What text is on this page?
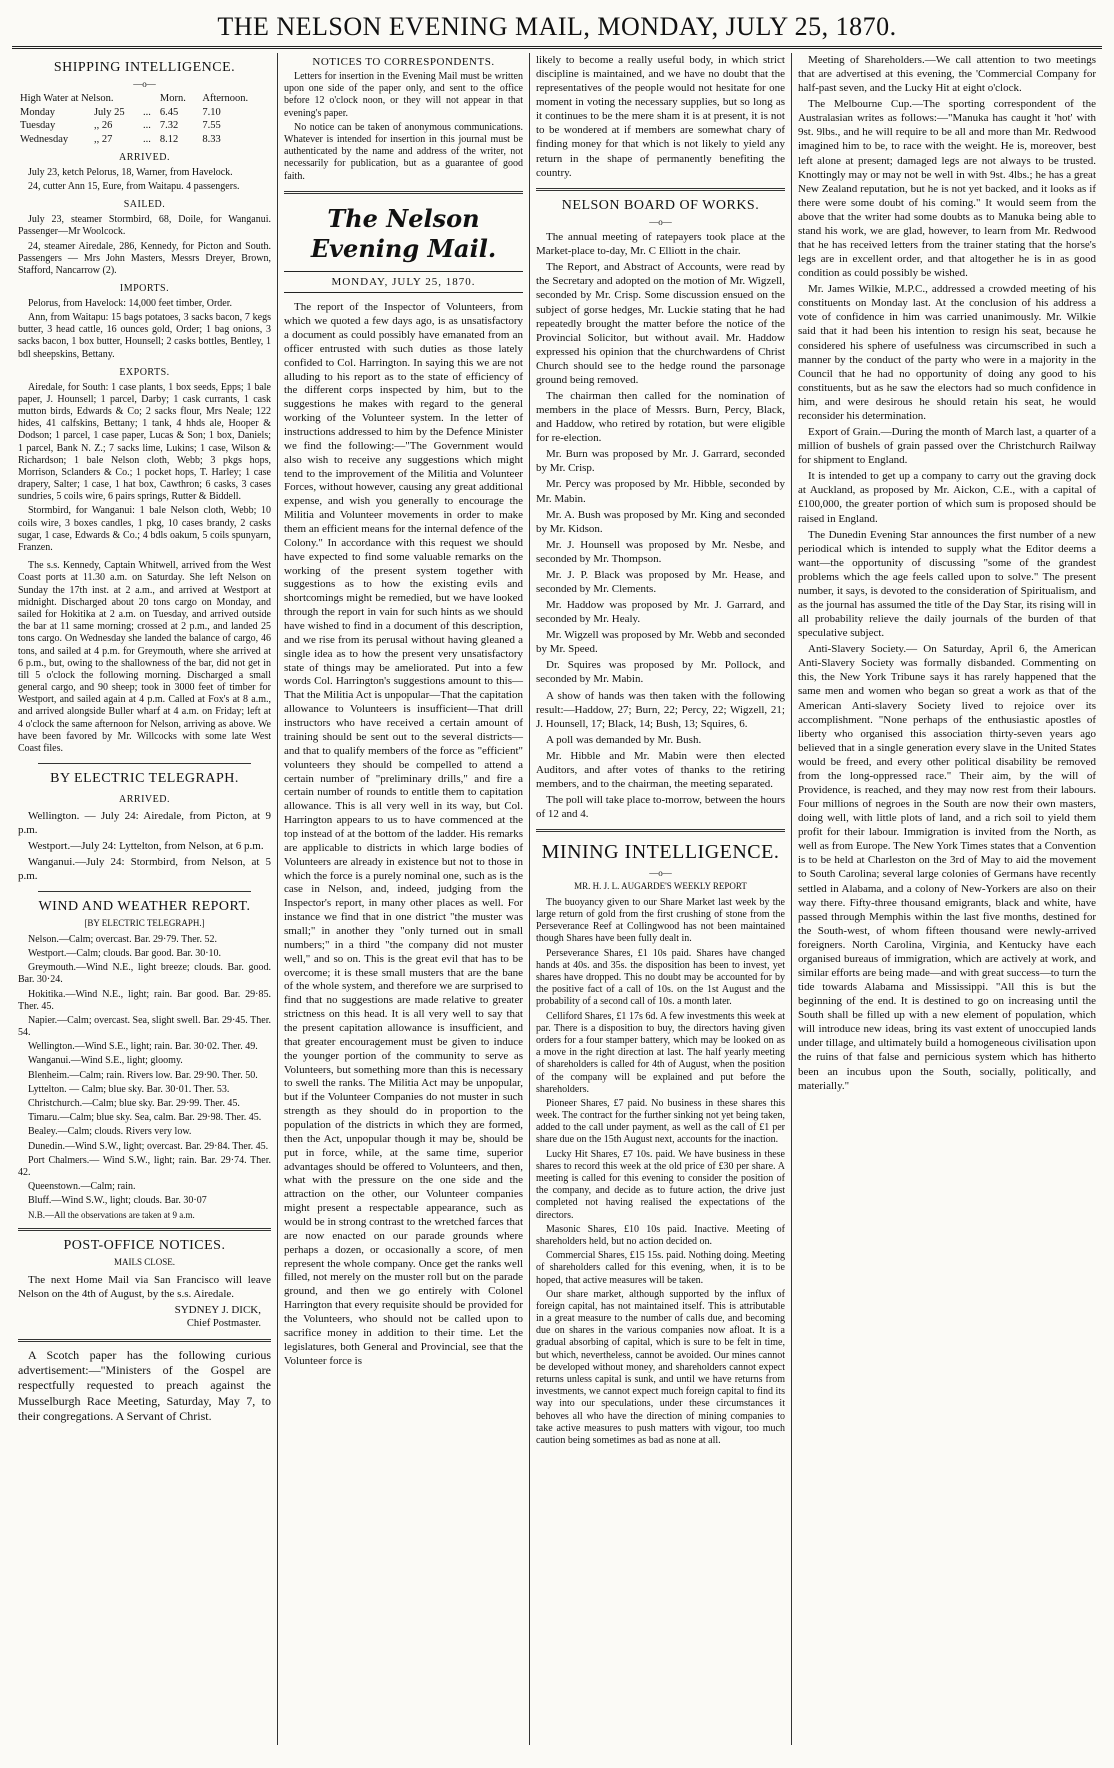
THE NELSON EVENING MAIL, MONDAY, JULY 25, 1870.
SHIPPING INTELLIGENCE.
—o—
High Water at Nelson.			Morn.	Afternoon.
Monday	July 25	...	6.45	7.10
Tuesday	,, 26	...	7.32	7.55
Wednesday	,, 27	...	8.12	8.33
ARRIVED.

July 23, ketch Pelorus, 18, Warner, from Havelock.

24, cutter Ann 15, Eure, from Waitapu. 4 passengers.

SAILED.

July 23, steamer Stormbird, 68, Doile, for Wanganui. Passenger—Mr Woolcock.

24, steamer Airedale, 286, Kennedy, for Picton and South. Passengers — Mrs John Masters, Messrs Dreyer, Brown, Stafford, Nancarrow (2).

IMPORTS.

Pelorus, from Havelock: 14,000 feet timber, Order.

Ann, from Waitapu: 15 bags potatoes, 3 sacks bacon, 7 kegs butter, 3 head cattle, 16 ounces gold, Order; 1 bag onions, 3 sacks bacon, 1 box butter, Hounsell; 2 casks bottles, Bentley, 1 bdl sheepskins, Bettany.

EXPORTS.

Airedale, for South: 1 case plants, 1 box seeds, Epps; 1 bale paper, J. Hounsell; 1 parcel, Darby; 1 cask currants, 1 cask mutton birds, Edwards & Co; 2 sacks flour, Mrs Neale; 122 hides, 41 calfskins, Bettany; 1 tank, 4 hhds ale, Hooper & Dodson; 1 parcel, 1 case paper, Lucas & Son; 1 box, Daniels; 1 parcel, Bank N. Z.; 7 sacks lime, Lukins; 1 case, Wilson & Richardson; 1 bale Nelson cloth, Webb; 3 pkgs hops, Morrison, Sclanders & Co.; 1 pocket hops, T. Harley; 1 case drapery, Salter; 1 case, 1 hat box, Cawthron; 6 casks, 3 cases sundries, 5 coils wire, 6 pairs springs, Rutter & Biddell.

Stormbird, for Wanganui: 1 bale Nelson cloth, Webb; 10 coils wire, 3 boxes candles, 1 pkg, 10 cases brandy, 2 casks sugar, 1 case, Edwards & Co.; 4 bdls oakum, 5 coils spunyarn, Franzen.

The s.s. Kennedy, Captain Whitwell, arrived from the West Coast ports at 11.30 a.m. on Saturday. She left Nelson on Sunday the 17th inst. at 2 a.m., and arrived at Westport at midnight. Discharged about 20 tons cargo on Monday, and sailed for Hokitika at 2 a.m. on Tuesday, and arrived outside the bar at 11 same morning; crossed at 2 p.m., and landed 25 tons cargo. On Wednesday she landed the balance of cargo, 46 tons, and sailed at 4 p.m. for Greymouth, where she arrived at 6 p.m., but, owing to the shallowness of the bar, did not get in till 5 o'clock the following morning. Discharged a small general cargo, and 90 sheep; took in 3000 feet of timber for Westport, and sailed again at 4 p.m. Called at Fox's at 8 a.m., and arrived alongside Buller wharf at 4 a.m. on Friday; left at 4 o'clock the same afternoon for Nelson, arriving as above. We have been favored by Mr. Willcocks with some late West Coast files.

BY ELECTRIC TELEGRAPH.
ARRIVED.

Wellington. — July 24: Airedale, from Picton, at 9 p.m.

Westport.—July 24: Lyttelton, from Nelson, at 6 p.m.

Wanganui.—July 24: Stormbird, from Nelson, at 5 p.m.

WIND AND WEATHER REPORT.
[BY ELECTRIC TELEGRAPH.]

Nelson.—Calm; overcast. Bar. 29·79. Ther. 52.

Westport.—Calm; clouds. Bar good. Bar. 30·10.

Greymouth.—Wind N.E., light breeze; clouds. Bar. good. Bar. 30·24.

Hokitika.—Wind N.E., light; rain. Bar good. Bar. 29·85. Ther. 45.

Napier.—Calm; overcast. Sea, slight swell. Bar. 29·45. Ther. 54.

Wellington.—Wind S.E., light; rain. Bar. 30·02. Ther. 49.

Wanganui.—Wind S.E., light; gloomy.

Blenheim.—Calm; rain. Rivers low. Bar. 29·90. Ther. 50.

Lyttelton. — Calm; blue sky. Bar. 30·01. Ther. 53.

Christchurch.—Calm; blue sky. Bar. 29·99. Ther. 45.

Timaru.—Calm; blue sky. Sea, calm. Bar. 29·98. Ther. 45.

Bealey.—Calm; clouds. Rivers very low.

Dunedin.—Wind S.W., light; overcast. Bar. 29·84. Ther. 45.

Port Chalmers.— Wind S.W., light; rain. Bar. 29·74. Ther. 42.

Queenstown.—Calm; rain.

Bluff.—Wind S.W., light; clouds. Bar. 30·07

N.B.—All the observations are taken at 9 a.m.

POST-OFFICE NOTICES.
MAILS CLOSE.

The next Home Mail via San Francisco will leave Nelson on the 4th of August, by the s.s. Airedale.

SYDNEY J. DICK,
Chief Postmaster.

A Scotch paper has the following curious advertisement:—"Ministers of the Gospel are respectfully requested to preach against the Musselburgh Race Meeting, Saturday, May 7, to their congregations. A Servant of Christ.

NOTICES TO CORRESPONDENTS.

Letters for insertion in the Evening Mail must be written upon one side of the paper only, and sent to the office before 12 o'clock noon, or they will not appear in that evening's paper.

No notice can be taken of anonymous communications. Whatever is intended for insertion in this journal must be authenticated by the name and address of the writer, not necessarily for publication, but as a guarantee of good faith.

The Nelson Evening Mail.
MONDAY, JULY 25, 1870.

The report of the Inspector of Volunteers, from which we quoted a few days ago, is as unsatisfactory a document as could possibly have emanated from an officer entrusted with such duties as those lately confided to Col. Harrington. In saying this we are not alluding to his report as to the state of efficiency of the different corps inspected by him, but to the suggestions he makes with regard to the general working of the Volunteer system. In the letter of instructions addressed to him by the Defence Minister we find the following:—"The Government would also wish to receive any suggestions which might tend to the improvement of the Militia and Volunteer Forces, without however, causing any great additional expense, and wish you generally to encourage the Militia and Volunteer movements in order to make them an efficient means for the internal defence of the Colony." In accordance with this request we should have expected to find some valuable remarks on the working of the present system together with suggestions as to how the existing evils and shortcomings might be remedied, but we have looked through the report in vain for such hints as we should have wished to find in a document of this description, and we rise from its perusal without having gleaned a single idea as to how the present very unsatisfactory state of things may be ameliorated. Put into a few words Col. Harrington's suggestions amount to this—That the Militia Act is unpopular—That the capitation allowance to Volunteers is insufficient—That drill instructors who have received a certain amount of training should be sent out to the several districts—and that to qualify members of the force as "efficient" volunteers they should be compelled to attend a certain number of "preliminary drills," and fire a certain number of rounds to entitle them to capitation allowance. This is all very well in its way, but Col. Harrington appears to us to have commenced at the top instead of at the bottom of the ladder. His remarks are applicable to districts in which large bodies of Volunteers are already in existence but not to those in which the force is a purely nominal one, such as is the case in Nelson, and, indeed, judging from the Inspector's report, in many other places as well. For instance we find that in one district "the muster was small;" in another they "only turned out in small numbers;" in a third "the company did not muster well," and so on. This is the great evil that has to be overcome; it is these small musters that are the bane of the whole system, and therefore we are surprised to find that no suggestions are made relative to greater strictness on this head. It is all very well to say that the present capitation allowance is insufficient, and that greater encouragement must be given to induce the younger portion of the community to serve as Volunteers, but something more than this is necessary to swell the ranks. The Militia Act may be unpopular, but if the Volunteer Companies do not muster in such strength as they should do in proportion to the population of the districts in which they are formed, then the Act, unpopular though it may be, should be put in force, while, at the same time, superior advantages should be offered to Volunteers, and then, what with the pressure on the one side and the attraction on the other, our Volunteer companies might present a respectable appearance, such as would be in strong contrast to the wretched farces that are now enacted on our parade grounds where perhaps a dozen, or occasionally a score, of men represent the whole company. Once get the ranks well filled, not merely on the muster roll but on the parade ground, and then we go entirely with Colonel Harrington that every requisite should be provided for the Volunteers, who should not be called upon to sacrifice money in addition to their time. Let the legislatures, both General and Provincial, see that the Volunteer force is

likely to become a really useful body, in which strict discipline is maintained, and we have no doubt that the representatives of the people would not hesitate for one moment in voting the necessary supplies, but so long as it continues to be the mere sham it is at present, it is not to be wondered at if members are somewhat chary of finding money for that which is not likely to yield any return in the shape of permanently benefiting the country.

NELSON BOARD OF WORKS.
—o—

The annual meeting of ratepayers took place at the Market-place to-day, Mr. C Elliott in the chair.

The Report, and Abstract of Accounts, were read by the Secretary and adopted on the motion of Mr. Wigzell, seconded by Mr. Crisp. Some discussion ensued on the subject of gorse hedges, Mr. Luckie stating that he had repeatedly brought the matter before the notice of the Provincial Solicitor, but without avail. Mr. Haddow expressed his opinion that the churchwardens of Christ Church should see to the hedge round the parsonage ground being removed.

The chairman then called for the nomination of members in the place of Messrs. Burn, Percy, Black, and Haddow, who retired by rotation, but were eligible for re-election.

Mr. Burn was proposed by Mr. J. Garrard, seconded by Mr. Crisp.

Mr. Percy was proposed by Mr. Hibble, seconded by Mr. Mabin.

Mr. A. Bush was proposed by Mr. King and seconded by Mr. Kidson.

Mr. J. Hounsell was proposed by Mr. Nesbe, and seconded by Mr. Thompson.

Mr. J. P. Black was proposed by Mr. Hease, and seconded by Mr. Clements.

Mr. Haddow was proposed by Mr. J. Garrard, and seconded by Mr. Healy.

Mr. Wigzell was proposed by Mr. Webb and seconded by Mr. Speed.

Dr. Squires was proposed by Mr. Pollock, and seconded by Mr. Mabin.

A show of hands was then taken with the following result:—Haddow, 27; Burn, 22; Percy, 22; Wigzell, 21; J. Hounsell, 17; Black, 14; Bush, 13; Squires, 6.

A poll was demanded by Mr. Bush.

Mr. Hibble and Mr. Mabin were then elected Auditors, and after votes of thanks to the retiring members, and to the chairman, the meeting separated.

The poll will take place to-morrow, between the hours of 12 and 4.

MINING INTELLIGENCE.
—o—
MR. H. J. L. AUGARDE'S WEEKLY REPORT

The buoyancy given to our Share Market last week by the large return of gold from the first crushing of stone from the Perseverance Reef at Collingwood has not been maintained though Shares have been fully dealt in.

Perseverance Shares, £1 10s paid. Shares have changed hands at 40s. and 35s. the disposition has been to invest, yet shares have dropped. This no doubt may be accounted for by the positive fact of a call of 10s. on the 1st August and the probability of a second call of 10s. a month later.

Celliford Shares, £1 17s 6d. A few investments this week at par. There is a disposition to buy, the directors having given orders for a four stamper battery, which may be looked on as a move in the right direction at last. The half yearly meeting of shareholders is called for 4th of August, when the position of the company will be explained and put before the shareholders.

Pioneer Shares, £7 paid. No business in these shares this week. The contract for the further sinking not yet being taken, added to the call under payment, as well as the call of £1 per share due on the 15th August next, accounts for the inaction.

Lucky Hit Shares, £7 10s. paid. We have business in these shares to record this week at the old price of £30 per share. A meeting is called for this evening to consider the position of the company, and decide as to future action, the drive just completed not having realised the expectations of the directors.

Masonic Shares, £10 10s paid. Inactive. Meeting of shareholders held, but no action decided on.

Commercial Shares, £15 15s. paid. Nothing doing. Meeting of shareholders called for this evening, when, it is to be hoped, that active measures will be taken.

Our share market, although supported by the influx of foreign capital, has not maintained itself. This is attributable in a great measure to the number of calls due, and becoming due on shares in the various companies now afloat. It is a gradual absorbing of capital, which is sure to be felt in time, but which, nevertheless, cannot be avoided. Our mines cannot be developed without money, and shareholders cannot expect returns unless capital is sunk, and until we have returns from investments, we cannot expect much foreign capital to find its way into our speculations, under these circumstances it behoves all who have the direction of mining companies to take active measures to push matters with vigour, too much caution being sometimes as bad as none at all.

Meeting of Shareholders.—We call attention to two meetings that are advertised at this evening, the 'Commercial Company for half-past seven, and the Lucky Hit at eight o'clock.

The Melbourne Cup.—The sporting correspondent of the Australasian writes as follows:—"Manuka has caught it 'hot' with 9st. 9lbs., and he will require to be all and more than Mr. Redwood imagined him to be, to race with the weight. He is, moreover, best left alone at present; damaged legs are not always to be trusted. Knottingly may or may not be well in with 9st. 4lbs.; he has a great New Zealand reputation, but he is not yet backed, and it looks as if there were some doubt of his coming." It would seem from the above that the writer had some doubts as to Manuka being able to stand his work, we are glad, however, to learn from Mr. Redwood that he has received letters from the trainer stating that the horse's legs are in excellent order, and that altogether he is in as good condition as could possibly be wished.

Mr. James Wilkie, M.P.C., addressed a crowded meeting of his constituents on Monday last. At the conclusion of his address a vote of confidence in him was carried unanimously. Mr. Wilkie said that it had been his intention to resign his seat, because he considered his sphere of usefulness was circumscribed in such a manner by the conduct of the party who were in a majority in the Council that he had no opportunity of doing any good to his constituents, but as he saw the electors had so much confidence in him, and were desirous he should retain his seat, he would reconsider his determination.

Export of Grain.—During the month of March last, a quarter of a million of bushels of grain passed over the Christchurch Railway for shipment to England.

It is intended to get up a company to carry out the graving dock at Auckland, as proposed by Mr. Aickon, C.E., with a capital of £100,000, the greater portion of which sum is proposed should be raised in England.

The Dunedin Evening Star announces the first number of a new periodical which is intended to supply what the Editor deems a want—the opportunity of discussing "some of the grandest problems which the age feels called upon to solve." The present number, it says, is devoted to the consideration of Spiritualism, and as the journal has assumed the title of the Day Star, its rising will in all probability relieve the daily journals of the burden of that speculative subject.

Anti-Slavery Society.— On Saturday, April 6, the American Anti-Slavery Society was formally disbanded. Commenting on this, the New York Tribune says it has rarely happened that the same men and women who began so great a work as that of the American Anti-slavery Society lived to rejoice over its accomplishment. "None perhaps of the enthusiastic apostles of liberty who organised this association thirty-seven years ago believed that in a single generation every slave in the United States would be freed, and every other political disability be removed from the long-oppressed race." Their aim, by the will of Providence, is reached, and they may now rest from their labours. Four millions of negroes in the South are now their own masters, doing well, with little plots of land, and a rich soil to yield them profit for their labour. Immigration is invited from the North, as well as from Europe. The New York Times states that a Convention is to be held at Charleston on the 3rd of May to aid the movement to South Carolina; several large colonies of Germans have recently settled in Alabama, and a colony of New-Yorkers are also on their way there. Fifty-three thousand emigrants, black and white, have passed through Memphis within the last five months, destined for the South-west, of whom fifteen thousand were newly-arrived foreigners. North Carolina, Virginia, and Kentucky have each organised bureaus of immigration, which are actively at work, and similar efforts are being made—and with great success—to turn the tide towards Alabama and Mississippi. "All this is but the beginning of the end. It is destined to go on increasing until the South shall be filled up with a new element of population, which will introduce new ideas, bring its vast extent of unoccupied lands under tillage, and ultimately build a homogeneous civilisation upon the ruins of that false and pernicious system which has hitherto been an incubus upon the South, socially, politically, and materially."
